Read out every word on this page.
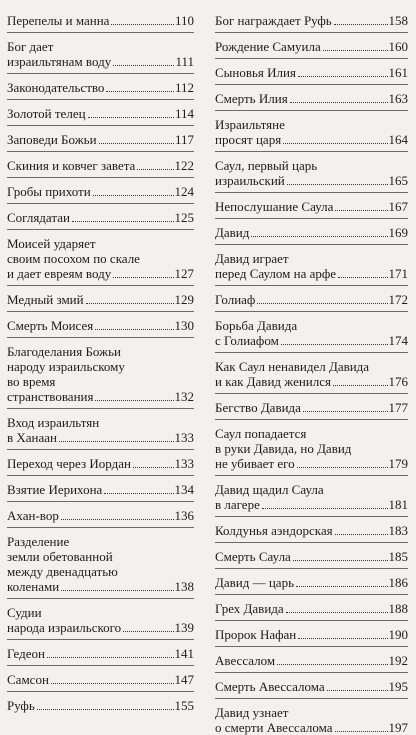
Перепелы и манна	110
Бог дает
израильтянам воду	111
Законодательство	112
Золотой телец	114
Заповеди Божьи	117
Скиния и ковчег завета	122
Гробы прихоти	124
Соглядатаи	125
Моисей ударяет
своим посохом по скале
и дает евреям воду	127
Медный змий	129
Смерть Моисея	130
Благоделания Божьи
народу израильскому
во время
странствования	132
Вход израильтян
в Ханаан	133
Переход через Иордан	133
Взятие Иерихона	134
Ахан-вор	136
Разделение
земли обетованной
между двенадцатью
коленами	138
Судии
народа израильского	139
Гедеон	141
Самсон	147
Руфь	155
Бог награждает Руфь	158
Рождение Самуила	160
Сыновья Илия	161
Смерть Илия	163
Израильтяне
просят царя	164
Саул, первый царь
израильский	165
Непослушание Саула	167
Давид	169
Давид играет
перед Саулом на арфе	171
Голиаф	172
Борьба Давида
с Голиафом	174
Как Саул ненавидел Давида
и как Давид женился	176
Бегство Давида	177
Саул попадается
в руки Давида, но Давид
не убивает его	179
Давид щадил Саула
в лагере	181
Колдунья аэндорская	183
Смерть Саула	185
Давид — царь	186
Грех Давида	188
Пророк Нафан	190
Авессалом	192
Смерть Авессалома	195
Давид узнает
о смерти Авессалома	197
